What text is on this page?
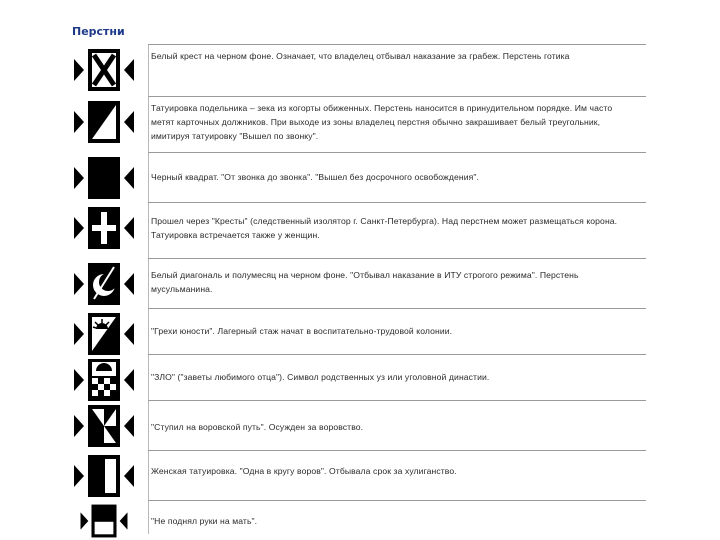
Перстни
Белый крест на черном фоне. Означает, что владелец отбывал наказание за грабеж. Перстень готика
Татуировка подельника – зека из когорты обиженных. Перстень наносится в принудительном порядке. Им часто метят карточных должников. При выходе из зоны владелец перстня обычно закрашивает белый треугольник, имитируя татуировку "Вышел по звонку".
Черный квадрат. "От звонка до звонка". "Вышел без досрочного освобождения".
Прошел через "Кресты" (следственный изолятор г. Санкт-Петербурга). Над перстнем может размещаться корона. Татуировка встречается также у женщин.
Белый диагональ и полумесяц на черном фоне. "Отбывал наказание в ИТУ строгого режима". Перстень мусульманина.
"Грехи юности". Лагерный стаж начат в воспитательно-трудовой колонии.
"ЗЛО" ("заветы любимого отца"). Символ родственных уз или уголовной династии.
"Ступил на воровской путь". Осужден за воровство.
Женская татуировка. "Одна в кругу воров". Отбывала срок за хулиганство.
"Не поднял руки на мать".
